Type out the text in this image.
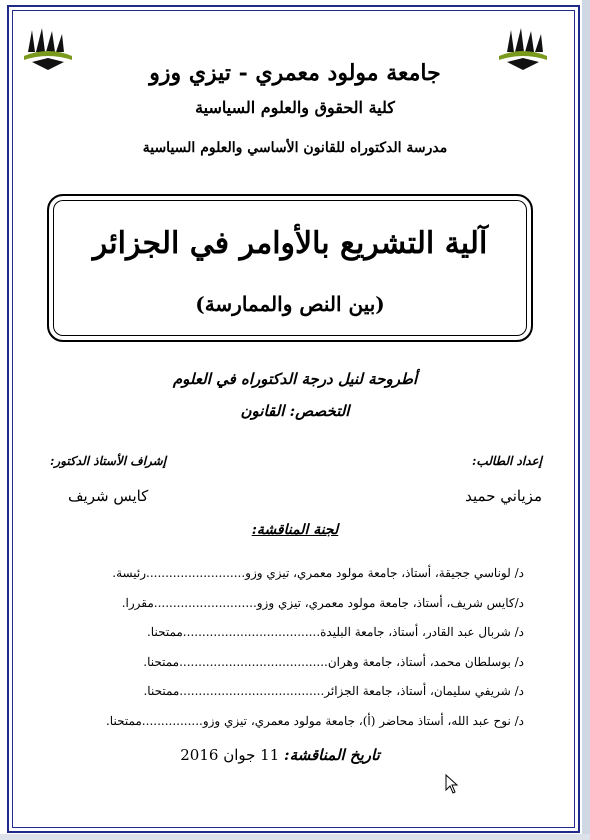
جامعة مولود معمري - تيزي وزو
كلية الحقوق والعلوم السياسية
مدرسة الدكتوراه للقانون الأساسي والعلوم السياسية
آلية التشريع بالأوامر في الجزائر
(بين النص والممارسة)
أطروحة لنيل درجة الدكتوراه في العلوم
التخصص: القانون
إعداد الطالب:
مزياني حميد
إشراف الأستاذ الدكتور:
كايس شريف
لجنة المناقشة:
د/ لوناسي ججيقة، أستاذ، جامعة مولود معمري، تيزي وزو..........................رئيسة.
د/كايس شريف، أستاذ، جامعة مولود معمري، تيزي وزو...........................مقررا.
د/ شربال عبد القادر، أستاذ، جامعة البليدة....................................ممتحنا.
د/ بوسلطان محمد، أستاذ، جامعة وهران.......................................ممتحنا.
د/ شريفي سليمان، أستاذ، جامعة الجزائر......................................ممتحنا.
د/ نوح عبد الله، أستاذ محاضر (أ)، جامعة مولود معمري، تيزي وزو................ممتحنا.
تاريخ المناقشة: 11 جوان 2016
